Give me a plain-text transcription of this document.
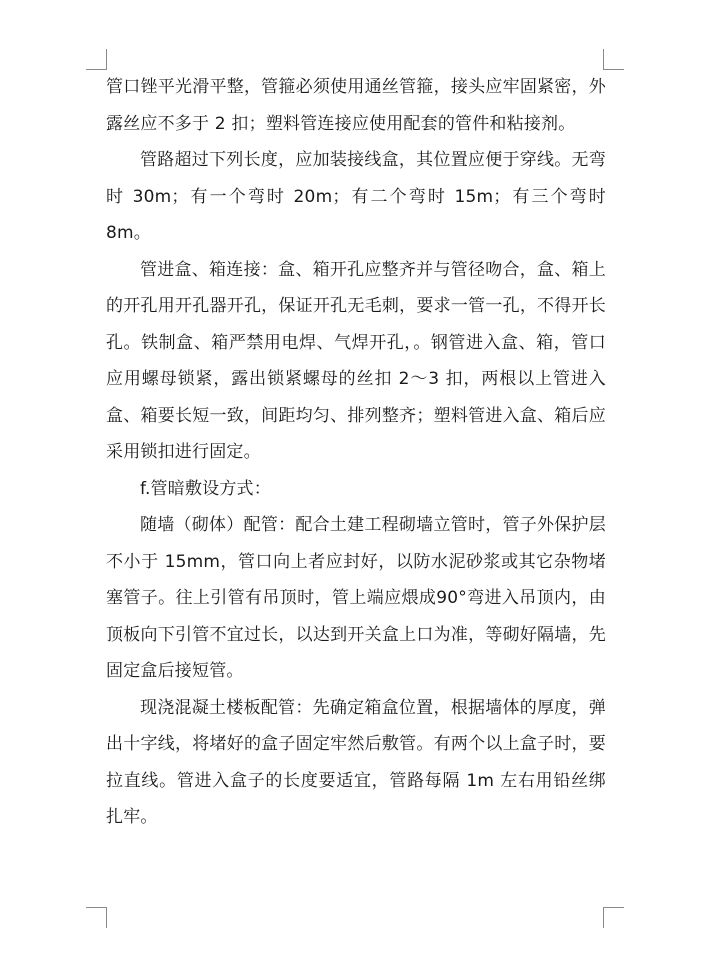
管口锉平光滑平整，管箍必须使用通丝管箍，接头应牢固紧密，外露丝应不多于 2 扣；塑料管连接应使用配套的管件和粘接剂。

管路超过下列长度，应加装接线盒，其位置应便于穿线。无弯时 30m；有一个弯时 20m；有二个弯时 15m；有三个弯时 8m。

管进盒、箱连接：盒、箱开孔应整齐并与管径吻合，盒、箱上的开孔用开孔器开孔，保证开孔无毛刺，要求一管一孔，不得开长孔。铁制盒、箱严禁用电焊、气焊开孔，。钢管进入盒、箱，管口应用螺母锁紧，露出锁紧螺母的丝扣 2～3 扣，两根以上管进入盒、箱要长短一致，间距均匀、排列整齐；塑料管进入盒、箱后应采用锁扣进行固定。

f.管暗敷设方式：

随墙（砌体）配管：配合土建工程砌墙立管时，管子外保护层不小于 15mm，管口向上者应封好，以防水泥砂浆或其它杂物堵塞管子。往上引管有吊顶时，管上端应煨成90°弯进入吊顶内，由顶板向下引管不宜过长，以达到开关盒上口为准，等砌好隔墙，先固定盒后接短管。

现浇混凝土楼板配管：先确定箱盒位置，根据墙体的厚度，弹出十字线，将堵好的盒子固定牢然后敷管。有两个以上盒子时，要拉直线。管进入盒子的长度要适宜，管路每隔 1m 左右用铅丝绑扎牢。
